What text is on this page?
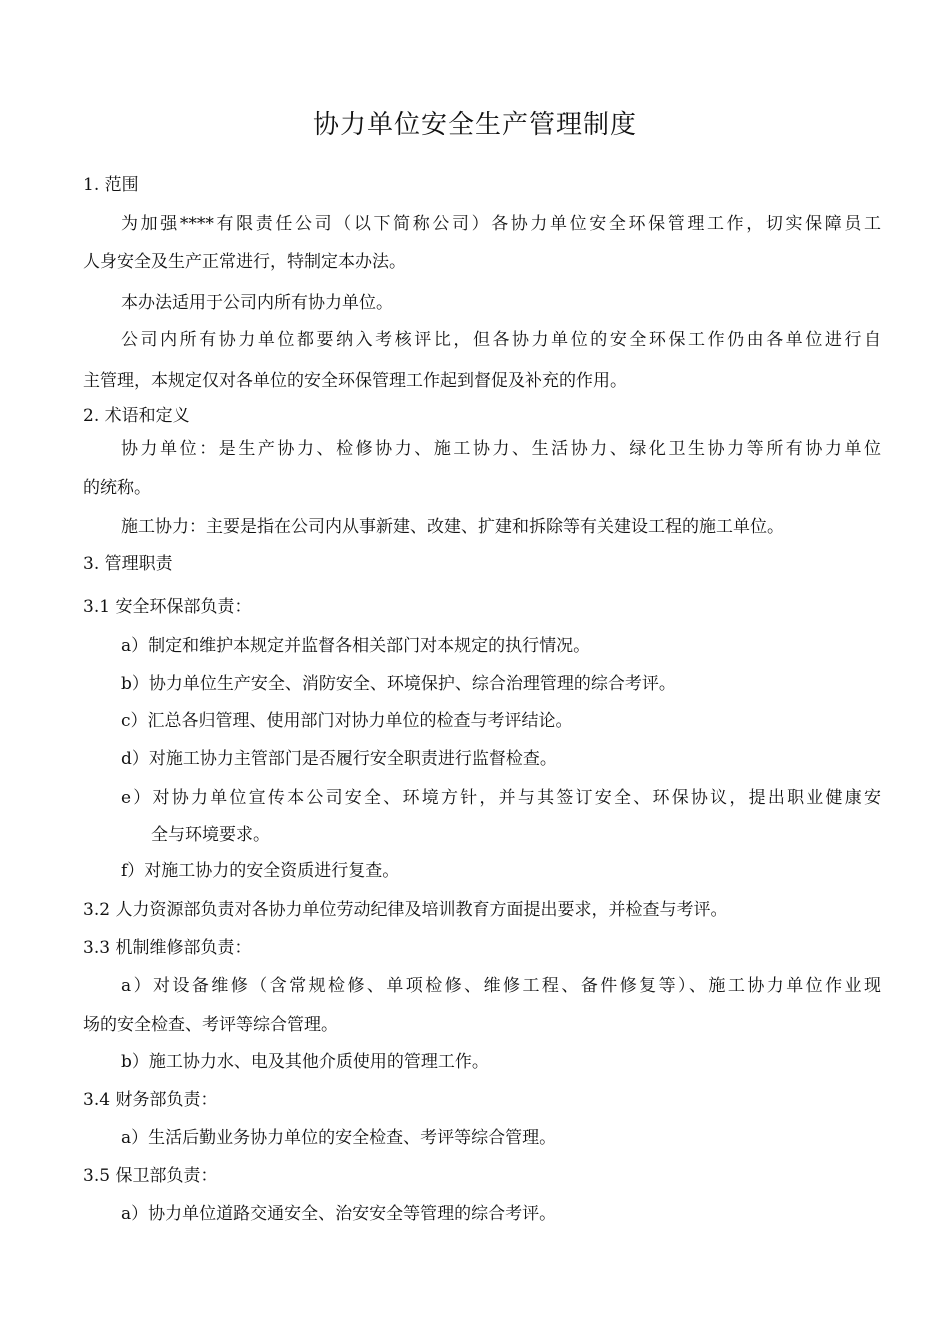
协力单位安全生产管理制度
1. 范围
为加强****有限责任公司（以下简称公司）各协力单位安全环保管理工作，切实保障员工
人身安全及生产正常进行，特制定本办法。
本办法适用于公司内所有协力单位。
公司内所有协力单位都要纳入考核评比，但各协力单位的安全环保工作仍由各单位进行自
主管理，本规定仅对各单位的安全环保管理工作起到督促及补充的作用。
2. 术语和定义
协力单位：是生产协力、检修协力、施工协力、生活协力、绿化卫生协力等所有协力单位
的统称。
施工协力：主要是指在公司内从事新建、改建、扩建和拆除等有关建设工程的施工单位。
3. 管理职责
3.1 安全环保部负责：
a）制定和维护本规定并监督各相关部门对本规定的执行情况。
b）协力单位生产安全、消防安全、环境保护、综合治理管理的综合考评。
c）汇总各归管理、使用部门对协力单位的检查与考评结论。
d）对施工协力主管部门是否履行安全职责进行监督检查。
e）对协力单位宣传本公司安全、环境方针，并与其签订安全、环保协议，提出职业健康安
全与环境要求。
f）对施工协力的安全资质进行复查。
3.2 人力资源部负责对各协力单位劳动纪律及培训教育方面提出要求，并检查与考评。
3.3 机制维修部负责：
a）对设备维修（含常规检修、单项检修、维修工程、备件修复等）、施工协力单位作业现
场的安全检查、考评等综合管理。
b）施工协力水、电及其他介质使用的管理工作。
3.4 财务部负责：
a）生活后勤业务协力单位的安全检查、考评等综合管理。
3.5 保卫部负责：
a）协力单位道路交通安全、治安安全等管理的综合考评。
